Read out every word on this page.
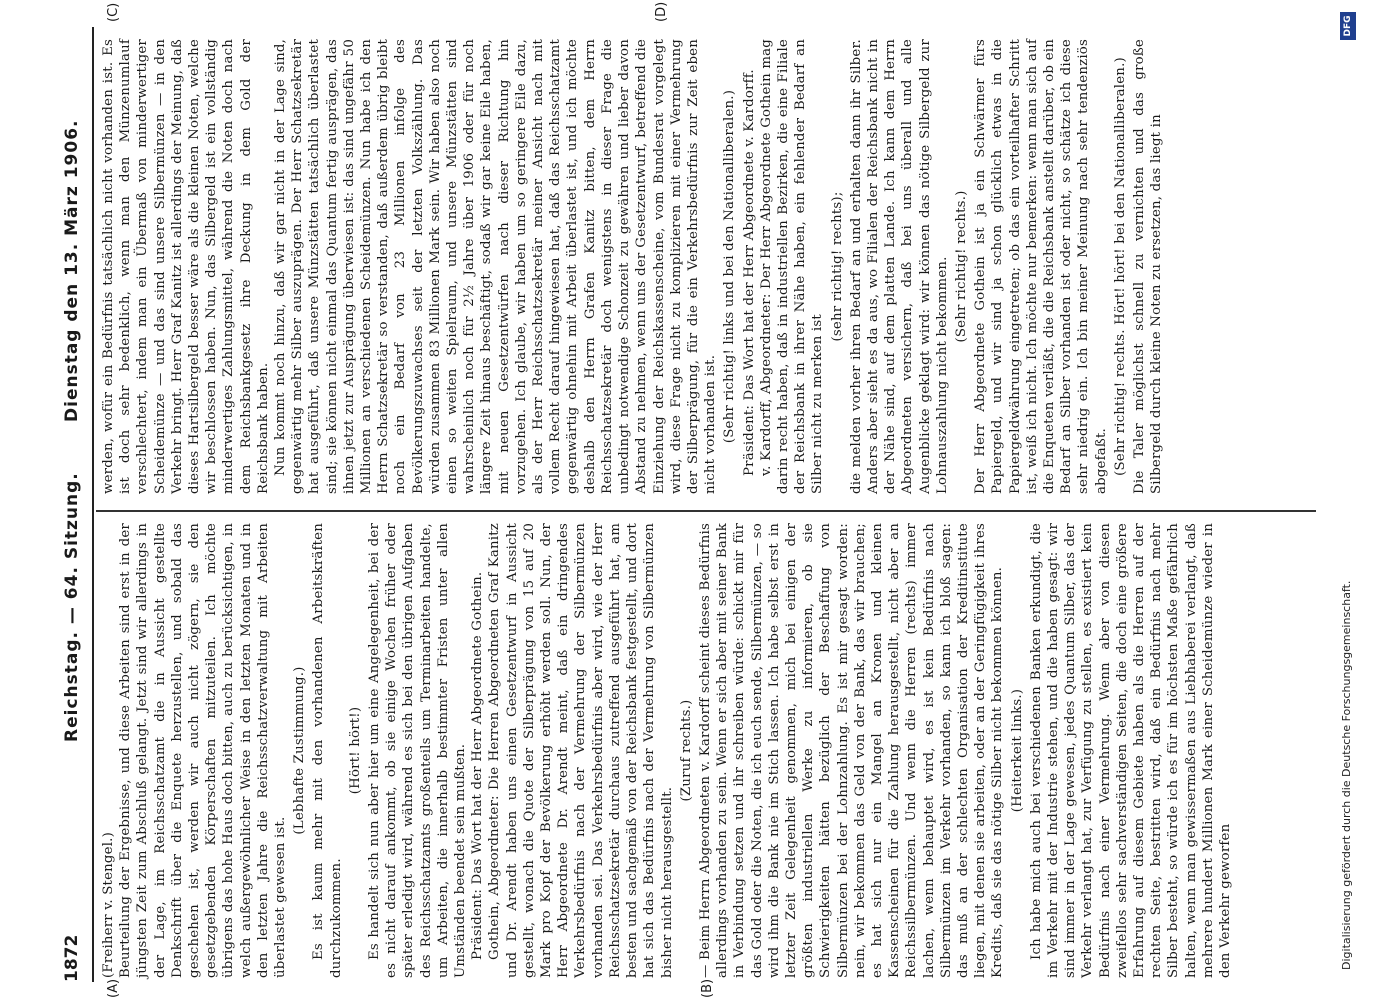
1872
Reichstag. — 64. Sitzung.
Dienstag den 13. März 1906.
(A)	(B)
(C)	(D)

(Freiherr v. Stengel.) Beurteilung der Ergebnisse, und diese Arbeiten sind erst in der jüngsten Zeit zum Abschluß gelangt. Jetzt sind wir allerdings in der Lage, im Reichsschatzamt die in Aussicht gestellte Denkschrift über die Enquete herzustellen, und sobald das geschehen ist, werden wir auch nicht zögern, sie den gesetzgebenden Körperschaften mitzuteilen. Ich möchte übrigens das hohe Haus doch bitten, auch zu berücksichtigen, in welch außergewöhnlicher Weise in den letzten Monaten und in den letzten Jahre die Reichsschatzverwaltung mit Arbeiten überlastet gewesen ist.

(Lebhafte Zustimmung.) Es ist kaum mehr mit den vorhandenen Arbeitskräften durchzukommen.

(Hört! hört!) Es handelt sich nun aber hier um eine Angelegenheit, bei der es nicht darauf ankommt, ob sie einige Wochen früher oder später erledigt wird, während es sich bei den übrigen Aufgaben des Reichsschatzamts großenteils um Terminarbeiten handelte, um Arbeiten, die innerhalb bestimmter Fristen unter allen Umständen beendet sein mußten. Präsident: Das Wort hat der Herr Abgeordnete Gothein. Gothein, Abgeordneter: Die Herren Abgeordneten Graf Kanitz und Dr. Arendt haben uns einen Gesetzentwurf in Aussicht gestellt, wonach die Quote der Silberprägung von 15 auf 20 Mark pro Kopf der Bevölkerung erhöht werden soll. Nun, der Herr Abgeordnete Dr. Arendt meint, daß ein dringendes Verkehrsbedürfnis nach der Vermehrung der Silbermünzen vorhanden sei. Das Verkehrsbedürfnis aber wird, wie der Herr Reichsschatzsekretär durchaus zutreffend ausgeführt hat, am besten und sachgemäß von der Reichsbank festgestellt, und dort hat sich das Bedürfnis nach der Vermehrung von Silbermünzen bisher nicht herausgestellt.

(Zuruf rechts.) — Beim Herrn Abgeordneten v. Kardorff scheint dieses Bedürfnis allerdings vorhanden zu sein. Wenn er sich aber mit seiner Bank in Verbindung setzen und ihr schreiben würde: schickt mir für das Gold oder die Noten, die ich euch sende, Silbermünzen, — so wird ihm die Bank nie im Stich lassen. Ich habe selbst erst in letzter Zeit Gelegenheit genommen, mich bei einigen der größten industriellen Werke zu informieren, ob sie Schwierigkeiten hätten bezüglich der Beschaffung von Silbermünzen bei der Lohnzahlung. Es ist mir gesagt worden: nein, wir bekommen das Geld von der Bank, das wir brauchen; es hat sich nur ein Mangel an Kronen und kleinen Kassenscheinen für die Zahlung herausgestellt, nicht aber an Reichssilbermünzen. Und wenn die Herren (rechts) immer lachen, wenn behauptet wird, es ist kein Bedürfnis nach Silbermünzen im Verkehr vorhanden, so kann ich bloß sagen: das muß an der schlechten Organisation der Kreditinstitute liegen, mit denen sie arbeiten, oder an der Geringfügigkeit ihres Kredits, daß sie das nötige Silber nicht bekommen können. (Heiterkeit links.) Ich habe mich auch bei verschiedenen Banken erkundigt, die im Verkehr mit der Industrie stehen, und die haben gesagt: wir sind immer in der Lage gewesen, jedes Quantum Silber, das der Verkehr verlangt hat, zur Verfügung zu stellen, es existiert kein Bedürfnis nach einer Vermehrung. Wenn aber von diesen zweifellos sehr sachverständigen Seiten, die doch eine größere Erfahrung auf diesem Gebiete haben als die Herren auf der rechten Seite, bestritten wird, daß ein Bedürfnis nach mehr Silber besteht, so würde ich es für im höchsten Maße gefährlich halten, wenn man gewissermaßen aus Liebhaberei verlangt, daß mehrere hundert Millionen Mark einer Scheidemünze wieder in den Verkehr geworfen

werden, wofür ein Bedürfnis tatsächlich nicht vorhanden ist. Es ist doch sehr bedenklich, wenn man den Münzenumlauf verschlechtert, indem man ein Übermaß von minderwertiger Scheidemünze — und das sind unsere Silbermünzen — in den Verkehr bringt. Herr Graf Kanitz ist allerdings der Meinung, daß dieses Hartsilbergeld besser wäre als die kleinen Noten, welche wir beschlossen haben. Nun, das Silbergeld ist ein vollständig minderwertiges Zahlungsmittel, während die Noten doch nach dem Reichsbankgesetz ihre Deckung in dem Gold der Reichsbank haben. Nun kommt noch hinzu, daß wir gar nicht in der Lage sind, gegenwärtig mehr Silber auszuprägen. Der Herr Schatzsekretär hat ausgeführt, daß unsere Münzstätten tatsächlich überlastet sind; sie können nicht einmal das Quantum fertig ausprägen, das ihnen jetzt zur Ausprägung überwiesen ist: das sind ungefähr 50 Millionen an verschiedenen Scheidemünzen. Nun habe ich den Herrn Schatzsekretär so verstanden, daß außerdem übrig bleibt noch ein Bedarf von 23 Millionen infolge des Bevölkerungszuwachses seit der letzten Volkszählung. Das würden zusammen 83 Millionen Mark sein. Wir haben also noch einen so weiten Spielraum, und unsere Münzstätten sind wahrscheinlich noch für 2½ Jahre über 1906 oder für noch längere Zeit hinaus beschäftigt, sodaß wir gar keine Eile haben, mit neuen Gesetzentwürfen nach dieser Richtung hin vorzugehen. Ich glaube, wir haben um so geringere Eile dazu, als der Herr Reichsschatzsekretär meiner Ansicht nach mit vollem Recht darauf hingewiesen hat, daß das Reichsschatzamt gegenwärtig ohnehin mit Arbeit überlastet ist, und ich möchte deshalb den Herrn Grafen Kanitz bitten, dem Herrn Reichsschatzsekretär doch wenigstens in dieser Frage die unbedingt notwendige Schonzeit zu gewähren und lieber davon Abstand zu nehmen, wenn uns der Gesetzentwurf, betreffend die Einziehung der Reichskassenscheine, vom Bundesrat vorgelegt wird, diese Frage nicht zu komplizieren mit einer Vermehrung der Silberprägung, für die ein Verkehrsbedürfnis zur Zeit eben nicht vorhanden ist. (Sehr richtig! links und bei den Nationalliberalen.) Präsident: Das Wort hat der Herr Abgeordnete v. Kardorff. v. Kardorff, Abgeordneter: Der Herr Abgeordnete Gothein mag darin recht haben, daß in industriellen Bezirken, die eine Filiale der Reichsbank in ihrer Nähe haben, ein fehlender Bedarf an Silber nicht zu merken ist

(sehr richtig! rechts); die melden vorher ihren Bedarf an und erhalten dann ihr Silber. Anders aber sieht es da aus, wo Filialen der Reichsbank nicht in der Nähe sind, auf dem platten Lande. Ich kann dem Herrn Abgeordneten versichern, daß bei uns überall und alle Augenblicke geklagt wird: wir können das nötige Silbergeld zur Lohnauszahlung nicht bekommen. (Sehr richtig! rechts.) Der Herr Abgeordnete Gothein ist ja ein Schwärmer fürs Papiergeld, und wir sind ja schon glücklich etwas in die Papiergeldwährung eingetreten; ob das ein vorteilhafter Schritt ist, weiß ich nicht. Ich möchte nur bemerken: wenn man sich auf die Enqueten verläßt, die die Reichsbank anstellt darüber, ob ein Bedarf an Silber vorhanden ist oder nicht, so schätze ich diese sehr niedrig ein. Ich bin meiner Meinung nach sehr tendenziös abgefaßt. (Sehr richtig! rechts. Hört! hört! bei den Nationalliberalen.) Die Taler möglichst schnell zu vernichten und das große Silbergeld durch kleine Noten zu ersetzen, das liegt in

Digitalisierung gefördert durch die Deutsche Forschungsgemeinschaft.
DFG
